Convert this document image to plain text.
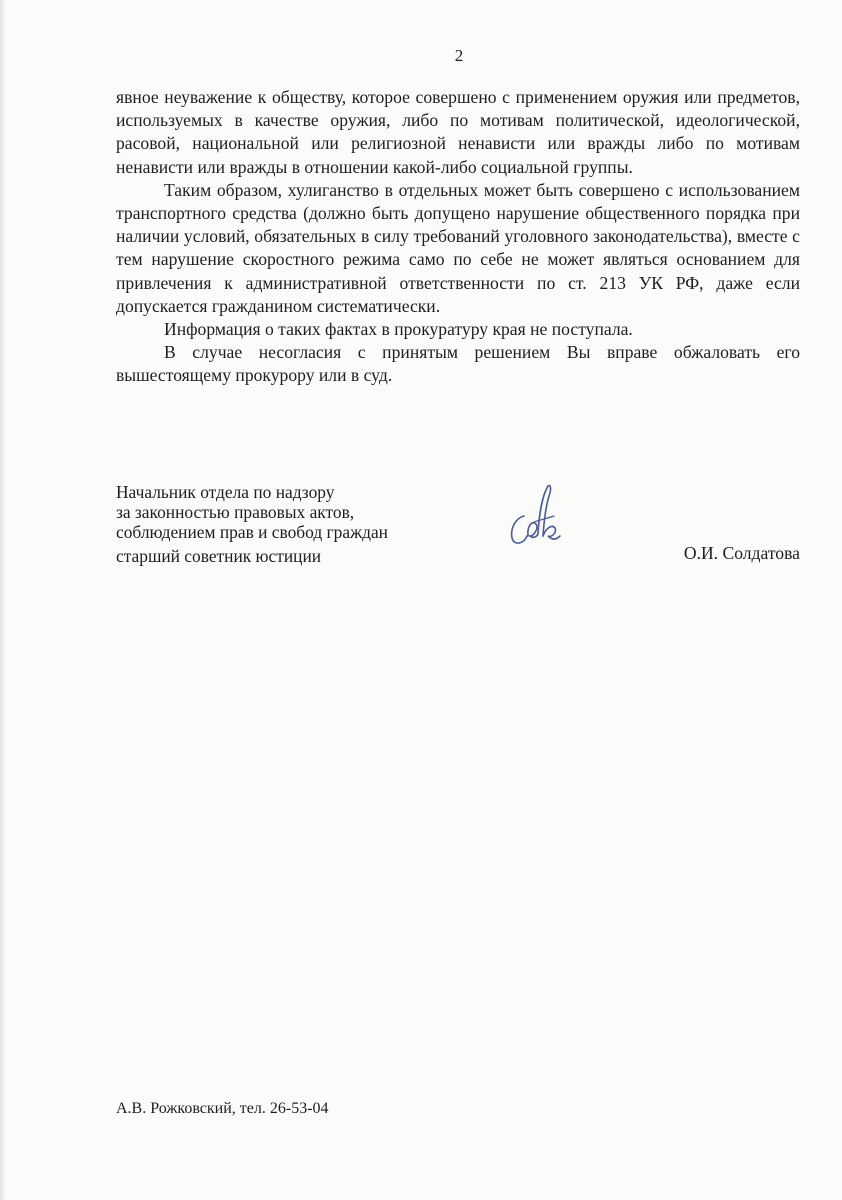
2

явное неуважение к обществу, которое совершено с применением оружия или предметов, используемых в качестве оружия, либо по мотивам политической, идеологической, расовой, национальной или религиозной ненависти или вражды либо по мотивам ненависти или вражды в отношении какой-либо социальной группы.

Таким образом, хулиганство в отдельных может быть совершено с использованием транспортного средства (должно быть допущено нарушение общественного порядка при наличии условий, обязательных в силу требований уголовного законодательства), вместе с тем нарушение скоростного режима само по себе не может являться основанием для привлечения к административной ответственности по ст. 213 УК РФ, даже если допускается гражданином систематически.

Информация о таких фактах в прокуратуру края не поступала.

В случае несогласия с принятым решением Вы вправе обжаловать его вышестоящему прокурору или в суд.

Начальник отдела по надзору
за законностью правовых актов,
соблюдением прав и свобод граждан
старший советник юстиции	О.И. Солдатова
А.В. Рожковский, тел. 26-53-04
